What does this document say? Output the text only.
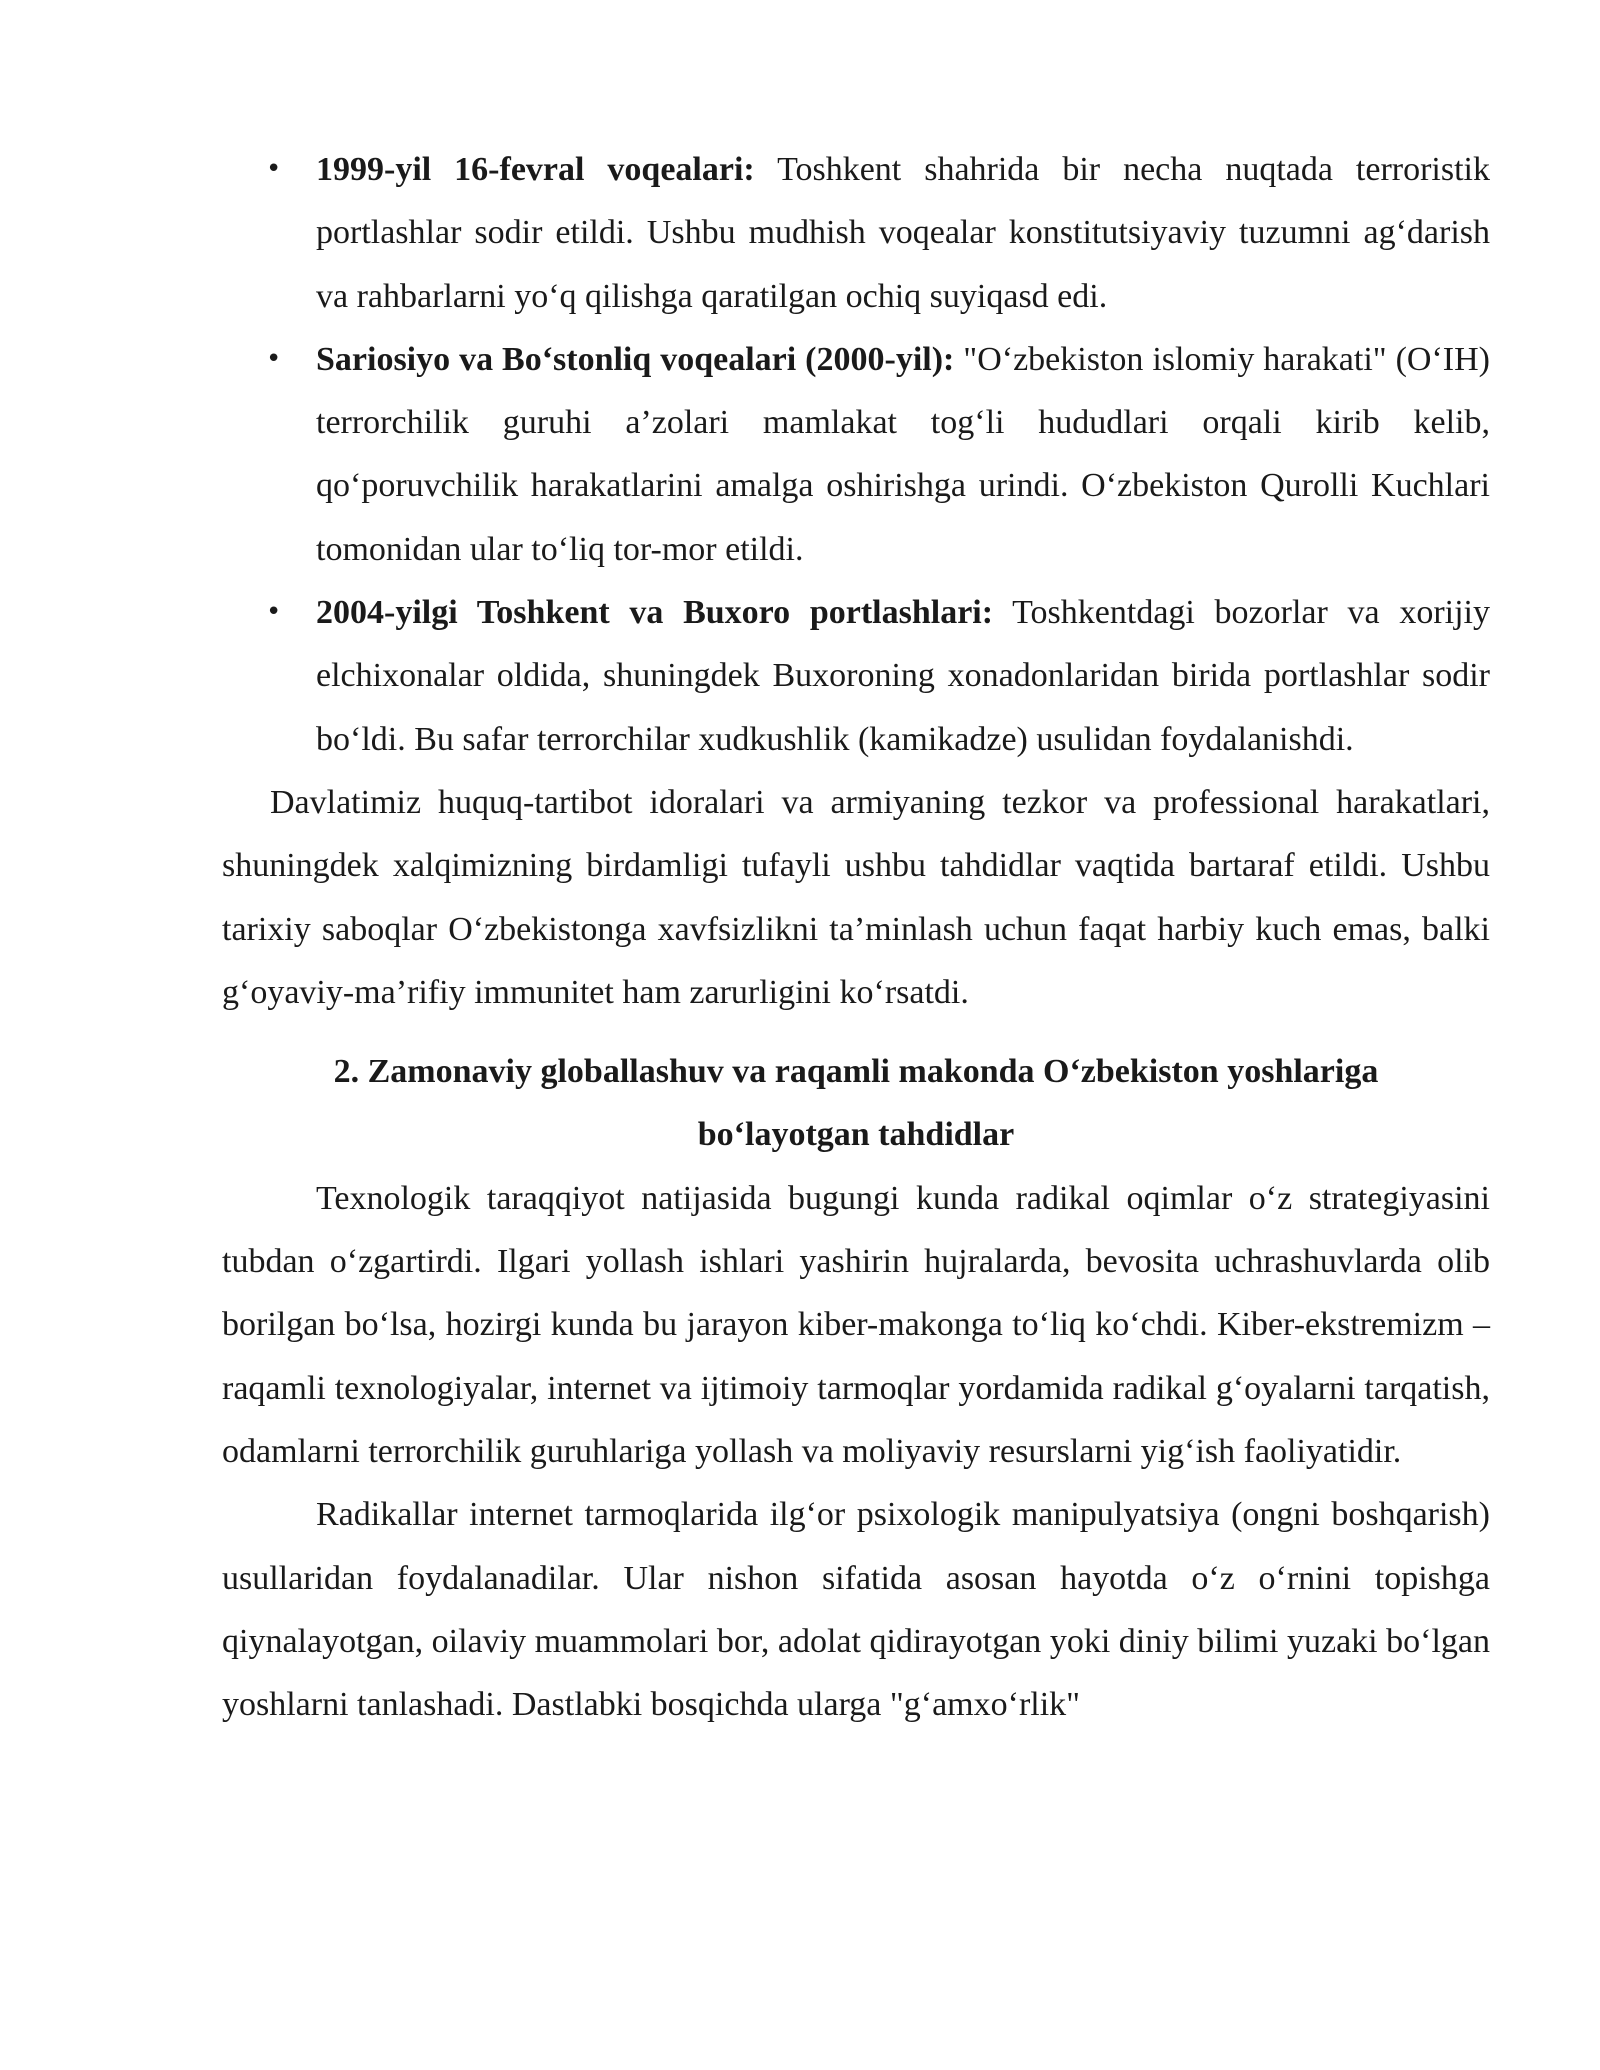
• 1999-yil 16-fevral voqealari: Toshkent shahrida bir necha nuqtada terroristik portlashlar sodir etildi. Ushbu mudhish voqealar konstitutsiyaviy tuzumni ag‘darish va rahbarlarni yo‘q qilishga qaratilgan ochiq suyiqasd edi.
• Sariosiyo va Bo‘stonliq voqealari (2000-yil): "O‘zbekiston islomiy harakati" (O‘IH) terrorchilik guruhi a’zolari mamlakat tog‘li hududlari orqali kirib kelib, qo‘poruvchilik harakatlarini amalga oshirishga urindi. O‘zbekiston Qurolli Kuchlari tomonidan ular to‘liq tor-mor etildi.
• 2004-yilgi Toshkent va Buxoro portlashlari: Toshkentdagi bozorlar va xorijiy elchixonalar oldida, shuningdek Buxoroning xonadonlaridan birida portlashlar sodir bo‘ldi. Bu safar terrorchilar xudkushlik (kamikadze) usulidan foydalanishdi.

Davlatimiz huquq-tartibot idoralari va armiyaning tezkor va professional harakatlari, shuningdek xalqimizning birdamligi tufayli ushbu tahdidlar vaqtida bartaraf etildi. Ushbu tarixiy saboqlar O‘zbekistonga xavfsizlikni ta’minlash uchun faqat harbiy kuch emas, balki g‘oyaviy-ma’rifiy immunitet ham zarurligini ko‘rsatdi.

2. Zamonaviy globallashuv va raqamli makonda O‘zbekiston yoshlariga
bo‘layotgan tahdidlar

Texnologik taraqqiyot natijasida bugungi kunda radikal oqimlar o‘z strategiyasini tubdan o‘zgartirdi. Ilgari yollash ishlari yashirin hujralarda, bevosita uchrashuvlarda olib borilgan bo‘lsa, hozirgi kunda bu jarayon kiber-makonga to‘liq ko‘chdi. Kiber-ekstremizm – raqamli texnologiyalar, internet va ijtimoiy tarmoqlar yordamida radikal g‘oyalarni tarqatish, odamlarni terrorchilik guruhlariga yollash va moliyaviy resurslarni yig‘ish faoliyatidir.

Radikallar internet tarmoqlarida ilg‘or psixologik manipulyatsiya (ongni boshqarish) usullaridan foydalanadilar. Ular nishon sifatida asosan hayotda o‘z o‘rnini topishga qiynalayotgan, oilaviy muammolari bor, adolat qidirayotgan yoki diniy bilimi yuzaki bo‘lgan yoshlarni tanlashadi. Dastlabki bosqichda ularga "g‘amxo‘rlik"
